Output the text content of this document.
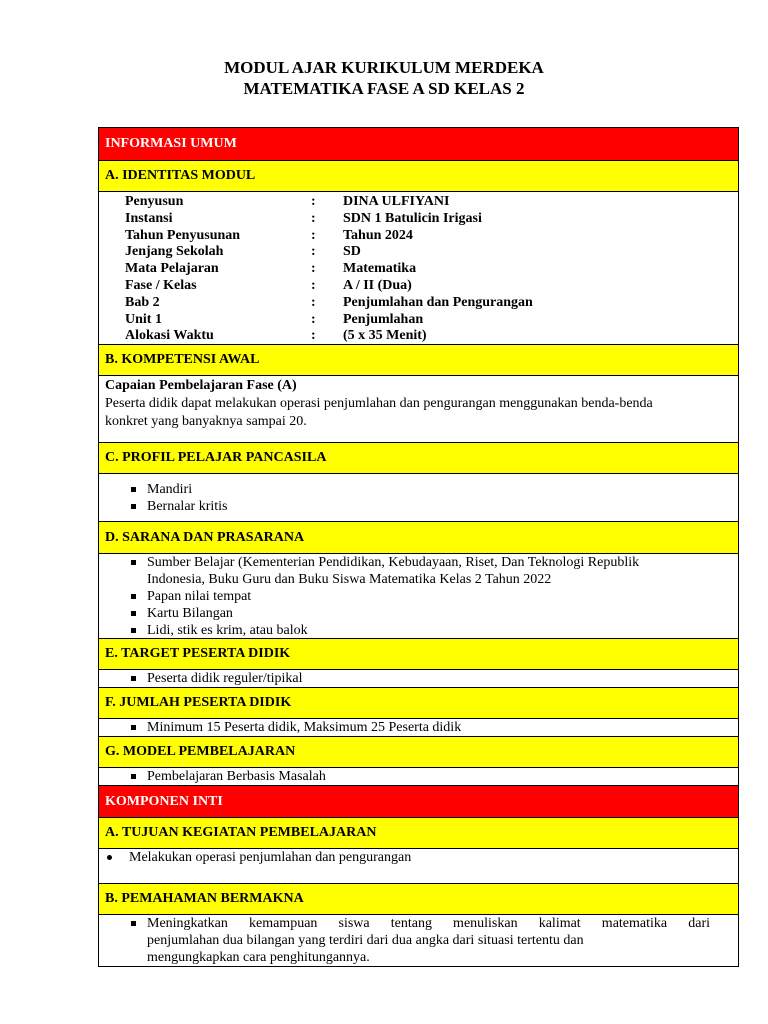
MODUL AJAR KURIKULUM MERDEKA
MATEMATIKA FASE A SD KELAS 2
INFORMASI UMUM
A. IDENTITAS MODUL
Penyusun	:	DINA ULFIYANI
Instansi	:	SDN 1 Batulicin Irigasi
Tahun Penyusunan	:	Tahun 2024
Jenjang Sekolah	:	SD
Mata Pelajaran	:	Matematika
Fase / Kelas	:	A / II (Dua)
Bab 2	:	Penjumlahan dan Pengurangan
Unit 1	:	Penjumlahan
Alokasi Waktu	:	(5 x 35 Menit)
B. KOMPETENSI AWAL
Capaian Pembelajaran Fase (A)
Peserta didik dapat melakukan operasi penjumlahan dan pengurangan menggunakan benda-benda
konkret yang banyaknya sampai 20.
C. PROFIL PELAJAR PANCASILA
Mandiri
Bernalar kritis
D. SARANA DAN PRASARANA
Sumber Belajar (Kementerian Pendidikan, Kebudayaan, Riset, Dan Teknologi Republik
Indonesia, Buku Guru dan Buku Siswa Matematika Kelas 2 Tahun 2022
Papan nilai tempat
Kartu Bilangan
Lidi, stik es krim, atau balok
E. TARGET PESERTA DIDIK
Peserta didik reguler/tipikal
F. JUMLAH PESERTA DIDIK
Minimum 15 Peserta didik, Maksimum 25 Peserta didik
G. MODEL PEMBELAJARAN
Pembelajaran Berbasis Masalah
KOMPONEN INTI
A. TUJUAN KEGIATAN PEMBELAJARAN
Melakukan operasi penjumlahan dan pengurangan
B. PEMAHAMAN BERMAKNA
Meningkatkan kemampuan siswa tentang menuliskan kalimat matematika dari
penjumlahan dua bilangan yang terdiri dari dua angka dari situasi tertentu dan
mengungkapkan cara penghitungannya.
